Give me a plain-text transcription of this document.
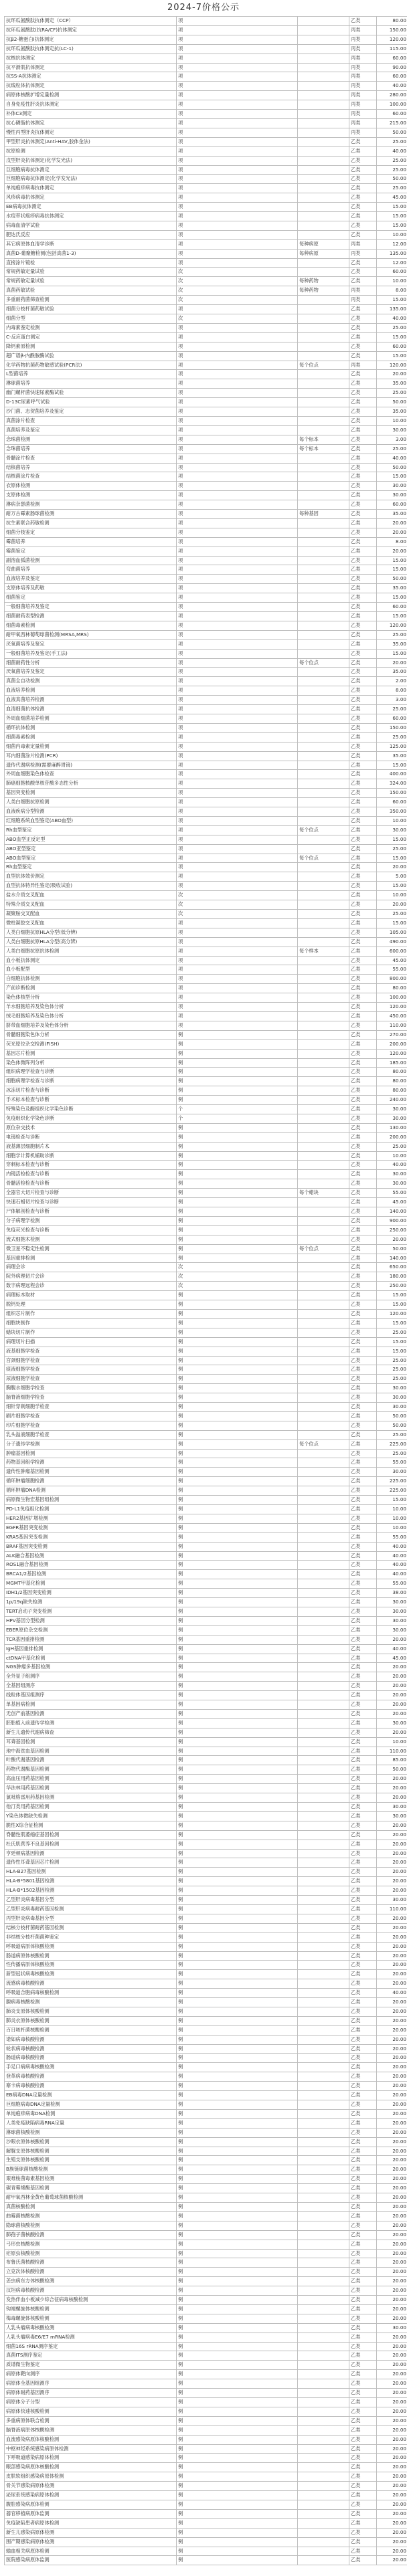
2024-7价格公示
抗环瓜氨酸肽抗体测定（CCP）	项		乙类	80.00
抗环瓜氨酸肽(抗RA/CF)抗体测定	项		丙类	150.00
抗β2-糖蛋白I抗体测定	项		丙类	120.00
抗环瓜氨酸肽抗体测定抗(LC-1)	项		丙类	115.00
抗核抗体测定	项		丙类	60.00
抗平滑肌抗体测定	项		丙类	90.00
抗SS-A抗体测定	项		丙类	60.00
抗线粒体抗体测定	项		丙类	40.00
病原体核酸扩增定量检测	项		丙类	280.00
自身免疫性肝炎抗体测定	项		丙类	100.00
补体C3测定	项		丙类	60.00
抗心磷脂抗体测定	项		丙类	215.00
慢性丙型肝炎抗体测定	项		丙类	50.00
甲型肝炎抗体测定(Anti-HAV,胶体金法)	项		乙类	25.00
抗原检测	项		乙类	40.00
戊型肝炎抗体测定(化学发光法)	项		乙类	25.00
巨细胞病毒抗体测定	项		乙类	25.00
巨细胞病毒抗体测定(化学发光法)	项		乙类	50.00
单纯疱疹病毒抗体测定	项		乙类	25.00
风疹病毒抗体测定	项		乙类	45.00
EB病毒抗体测定	项		乙类	15.00
水痘带状疱疹病毒抗体测定	项		乙类	15.00
病毒血清学试验	项		乙类	15.00
肥达氏反应	项		乙类	10.00
其它病原体血清学诊断	项	每种病原	丙类	12.00
真菌D-葡聚糖检测(包括真菌1-3)	项	每种病原	丙类	135.00
直接涂片镜检	项		乙类	12.00
常规药敏定量试验	次		乙类	60.00
常规药敏定量试验	次	每种药物	乙类	10.00
真菌药敏试验	次	每种药物	丙类	8.00
多重耐药菌筛查检测	次		丙类	15.00
细菌分枝杆菌药敏试验	项		乙类	135.00
细菌分型	次		乙类	40.00
内毒素鉴定检测	项		乙类	25.00
C-反应蛋白测定	项		乙类	15.00
降钙素原检测	项		乙类	60.00
超广谱β-内酰胺酶试验	项		乙类	15.00
化学药物抗菌药物敏感试验(PCR法)	项	每个位点	丙类	120.00
L型菌培养	项		乙类	20.00
淋球菌培养	项		乙类	35.00
幽门螺杆菌快速尿素酶试验	项		乙类	25.00
D-13C尿素呼气试验	项		乙类	50.00
沙门菌、志贺菌培养及鉴定	项		乙类	35.00
真菌涂片检查	项		乙类	10.00
真菌培养及鉴定	项		乙类	30.00
念珠菌检测	项	每个标本	乙类	3.00
念珠菌培养	项	每个标本	乙类	25.00
骨髓涂片检查	项		乙类	40.00
结核菌培养	项		乙类	50.00
结核菌涂片检查	项		乙类	15.00
衣原体检测	项		乙类	30.00
支原体检测	项		乙类	30.00
淋病奈瑟菌检测	项		乙类	60.00
耐万古霉素肠球菌检测	项	每种基因	乙类	35.00
抗生素联合药敏检测	项		乙类	20.00
细菌分枝鉴定	项		乙类	20.00
霉菌培养	项		乙类	8.00
霉菌鉴定	项		乙类	20.00
副溶血弧菌检测	项		乙类	15.00
弯曲菌培养	项		乙类	15.00
血液培养及鉴定	项		乙类	50.00
支原体培养及药敏	项		乙类	35.00
细菌鉴定	项		乙类	15.00
一般细菌培养及鉴定	项		乙类	60.00
细菌耐药表型检测	项		乙类	15.00
细菌毒素检测	项		乙类	120.00
耐甲氧西林葡萄球菌检测(MRSA,MRS)	项		乙类	25.00
厌氧菌培养及鉴定	项		乙类	35.00
一般细菌培养及鉴定(手工法)	项		乙类	15.00
细菌耐药性分析	项	每个位点	乙类	20.00
厌氧菌培养及鉴定	项		乙类	35.00
真菌全自动检测	项		乙类	2.00
血液培养检测	项		乙类	8.00
血液真菌培养检测	项		乙类	3.00
血清细菌抗体检测	项		乙类	25.00
外周血细菌培养检测	项		乙类	60.00
循环抗体检测	项		乙类	150.00
细菌毒素检测	项		乙类	25.00
细菌内毒素定量检测	项		乙类	125.00
耳内细菌涂片检测(PCR)	项		乙类	35.00
遗传代谢病检测(需要麻醉胃镜)	项		乙类	15.00
外周血细胞染色体检查	项		乙类	400.00
肺癌细胞核酸单核苷酸多态性分析	项		乙类	324.00
基因突变检测	项		乙类	150.00
人类白细胞抗原检测	项		乙类	60.00
血液疾病分型检测	项		乙类	350.00
红细胞系统血型鉴定(ABO血型)	项		乙类	10.00
Rh血型鉴定	项	每个位点	乙类	30.00
ABO血型正反定型	项		乙类	15.00
ABO亚型鉴定	项		乙类	25.00
ABO血型鉴定	项	每个位点	乙类	15.00
Rh血型鉴定	项		乙类	20.00
血型抗体效价测定	项		乙类	5.00
血型抗体特异性鉴定(吸收试验)	项		乙类	15.00
盐水介质交叉配血	次		乙类	10.00
特殊介质交叉配血	次		乙类	20.00
凝聚胺交叉配血	次		乙类	25.00
微柱凝胶交叉配血	项		乙类	15.00
人类白细胞抗原HLA分型(低分辨)	项		乙类	105.00
人类白细胞抗原HLA分型(高分辨)	项		乙类	490.00
人类白细胞抗原抗体检测	项	每个样本	乙类	600.00
血小板抗体测定	项		乙类	45.00
血小板配型	项		乙类	55.00
白细胞抗体检测	项		乙类	800.00
产前诊断检测	项		乙类	80.00
染色体核型分析	项		乙类	100.00
羊水细胞培养及染色体分析	项		乙类	120.00
绒毛细胞培养及染色体分析	项		乙类	450.00
脐带血细胞培养及染色体分析	项		乙类	110.00
骨髓细胞染色体分析	例		乙类	270.00
荧光原位杂交检测(FISH)	例		乙类	200.00
基因芯片检测	例		乙类	120.00
染色体微阵列分析	例		乙类	185.00
组织病理学检查与诊断	例		乙类	80.00
细胞病理学检查与诊断	例		乙类	80.00
冰冻切片检查与诊断	例		乙类	80.00
手术标本检查与诊断	例		乙类	240.00
特殊染色及酶组织化学染色诊断	个		乙类	30.00
免疫组织化学染色诊断	个		乙类	30.00
原位杂交技术	例		乙类	130.00
电镜检查与诊断	例		乙类	200.00
液基薄层细胞制片术	例		乙类	25.00
细胞学计算机辅助诊断	例		乙类	10.00
穿刺标本检查与诊断	例		乙类	40.00
内镜活检检查与诊断	例		乙类	30.00
骨髓活检检查与诊断	例		乙类	30.00
全器官大切片检查与诊断	例	每个蜡块	乙类	55.00
快速石蜡切片检查与诊断	例		乙类	45.00
尸体解剖检查与诊断	例		乙类	140.00
分子病理学检测	例		乙类	900.00
免疫荧光检查与诊断	例		乙类	250.00
流式细胞术检测	例		乙类	20.00
微卫星不稳定性检测	例	每个位点	乙类	50.00
基因重排检测	例		乙类	140.00
病理会诊	次		乙类	650.00
院外病理切片会诊	次		乙类	180.00
数字病理远程会诊	次		乙类	250.00
病理标本取材	例		乙类	15.00
脱钙处理	例		乙类	15.00
组织芯片制作	例		乙类	120.00
细胞块制作	例		乙类	15.00
蜡块切片制作	例		乙类	25.00
病理切片扫描	例		乙类	15.00
液基细胞学检查	例		乙类	15.00
宫颈细胞学检查	例		乙类	25.00
痰液细胞学检查	例		乙类	25.00
尿液细胞学检查	例		乙类	25.00
胸腹水细胞学检查	例		乙类	30.00
脑脊液细胞学检查	例		乙类	30.00
细针穿刺细胞学检查	例		乙类	30.00
刷片细胞学检查	例		乙类	50.00
印片细胞学检查	例		乙类	50.00
乳头溢液细胞学检查	例		乙类	25.00
分子遗传学检测	例	每个位点	乙类	225.00
肿瘤基因检测	例		乙类	25.00
药物基因组学检测	例		乙类	55.00
遗传性肿瘤基因检测	例		乙类	30.00
循环肿瘤细胞检测	例		乙类	225.00
循环肿瘤DNA检测	例		乙类	225.00
病原微生物宏基因组检测	例		乙类	15.00
PD-L1免疫组化检测	例		乙类	10.00
HER2基因扩增检测	例		乙类	10.00
EGFR基因突变检测	例		乙类	10.00
KRAS基因突变检测	例		乙类	55.00
BRAF基因突变检测	例		乙类	40.00
ALK融合基因检测	例		乙类	40.00
ROS1融合基因检测	例		乙类	40.00
BRCA1/2基因检测	例		乙类	40.00
MGMT甲基化检测	例		乙类	55.00
IDH1/2基因突变检测	例		乙类	38.00
1p/19q缺失检测	例		乙类	30.00
TERT启动子突变检测	例		乙类	30.00
HPV基因分型检测	例		乙类	30.00
EBER原位杂交检测	例		乙类	30.00
TCR基因重排检测	例		乙类	20.00
IgH基因重排检测	例		乙类	40.00
ctDNA甲基化检测	例		乙类	45.00
NGS肿瘤多基因检测	例		乙类	20.00
全外显子组测序	例		乙类	20.00
全基因组测序	例		乙类	20.00
线粒体基因组测序	例		乙类	20.00
单基因病检测	例		乙类	20.00
无创产前基因检测	例		乙类	20.00
胚胎植入前遗传学检测	例		乙类	30.00
新生儿遗传代谢病筛查	例		乙类	20.00
耳聋基因检测	例		乙类	10.00
地中海贫血基因检测	例		乙类	110.00
叶酸代谢基因检测	例		乙类	85.00
药物代谢酶基因检测	例		乙类	50.00
高血压用药基因检测	例		乙类	20.00
华法林用药基因检测	例		乙类	20.00
氯吡格雷用药基因检测	例		乙类	20.00
他汀类用药基因检测	例		乙类	30.00
Y染色体微缺失检测	例		乙类	30.00
脆性X综合征检测	例		乙类	20.00
脊髓性肌萎缩症基因检测	例		乙类	20.00
杜氏肌营养不良基因检测	例		乙类	20.00
亨廷顿病基因检测	例		乙类	20.00
遗传性耳聋基因芯片检测	例		乙类	20.00
HLA-B27基因检测	例		乙类	20.00
HLA-B*5801基因检测	例		乙类	20.00
HLA-B*1502基因检测	例		乙类	20.00
乙型肝炎病毒基因分型	例		乙类	30.00
乙型肝炎病毒耐药基因检测	例		乙类	110.00
丙型肝炎病毒基因分型	例		乙类	20.00
结核分枝杆菌耐药基因检测	例		乙类	20.00
非结核分枝杆菌菌种鉴定	例		乙类	20.00
呼吸道病原体核酸检测	例		乙类	20.00
肠道病原体核酸检测	例		乙类	20.00
性传播病原体核酸检测	例		乙类	20.00
新型冠状病毒核酸检测	例		乙类	20.00
流感病毒核酸检测	例		乙类	20.00
呼吸道合胞病毒核酸检测	例		乙类	40.00
腺病毒核酸检测	例		乙类	20.00
肺炎支原体核酸检测	例		乙类	20.00
肺炎衣原体核酸检测	例		乙类	20.00
百日咳杆菌核酸检测	例		乙类	20.00
诺如病毒核酸检测	例		乙类	20.00
轮状病毒核酸检测	例		乙类	20.00
肠道病毒核酸检测	例		乙类	20.00
手足口病病毒核酸检测	例		乙类	20.00
登革病毒核酸检测	例		乙类	20.00
寨卡病毒核酸检测	例		乙类	20.00
EB病毒DNA定量检测	例		乙类	20.00
巨细胞病毒DNA定量检测	例		乙类	20.00
单纯疱疹病毒DNA检测	例		乙类	20.00
人类免疫缺陷病毒RNA定量	例		乙类	20.00
淋球菌核酸检测	例		乙类	20.00
沙眼衣原体核酸检测	例		乙类	20.00
解脲支原体核酸检测	例		乙类	20.00
生殖支原体核酸检测	例		乙类	20.00
B族链球菌核酸检测	例		乙类	20.00
艰难梭菌毒素基因检测	例		乙类	20.00
碳青霉烯酶基因检测	例		乙类	20.00
耐甲氧西林金黄色葡萄球菌核酸检测	例		乙类	20.00
真菌核酸检测	例		乙类	20.00
曲霉菌核酸检测	例		乙类	20.00
隐球菌核酸检测	例		乙类	20.00
肺孢子菌核酸检测	例		乙类	20.00
弓形虫核酸检测	例		乙类	20.00
疟原虫核酸检测	例		乙类	20.00
布鲁氏菌核酸检测	例		乙类	20.00
立克次体核酸检测	例		乙类	20.00
恙虫病东方体核酸检测	例		乙类	20.00
汉坦病毒核酸检测	例		乙类	20.00
发热伴血小板减少综合征病毒核酸检测	例		乙类	20.00
钩端螺旋体核酸检测	例		乙类	20.00
梅毒螺旋体核酸检测	例		乙类	20.00
人乳头瘤病毒核酸检测	例		乙类	30.00
人乳头瘤病毒E6/E7 mRNA检测	例		乙类	20.00
细菌16S rRNA测序鉴定	例		乙类	20.00
真菌ITS测序鉴定	例		乙类	20.00
质谱微生物鉴定	例		乙类	20.00
病原体靶向测序	例		乙类	20.00
病原体全基因组测序	例		乙类	20.00
病原体耐药基因测序	例		乙类	20.00
病原体分子分型	例		乙类	20.00
病原体快速核酸检测	例		乙类	20.00
多重病原体联合检测	例		乙类	20.00
脑脊液病原体核酸检测	例		乙类	20.00
血流感染病原体核酸检测	例		乙类	20.00
中枢神经系统感染病原体检测	例		乙类	20.00
下呼吸道感染病原体检测	例		乙类	20.00
眼部感染病原体核酸检测	例		乙类	20.00
皮肤软组织感染病原体检测	例		乙类	20.00
骨关节感染病原体检测	例		乙类	20.00
泌尿系统感染病原体检测	例		乙类	20.00
腹腔感染病原体检测	例		乙类	20.00
器官移植病原体监测	例		乙类	20.00
免疫缺陷患者病原体检测	例		乙类	20.00
新生儿感染病原体检测	例		乙类	20.00
围产期感染病原体检测	例		乙类	20.00
输血相关病原体检测	例		乙类	20.00
医院感染病原体监测	例		乙类	20.00
